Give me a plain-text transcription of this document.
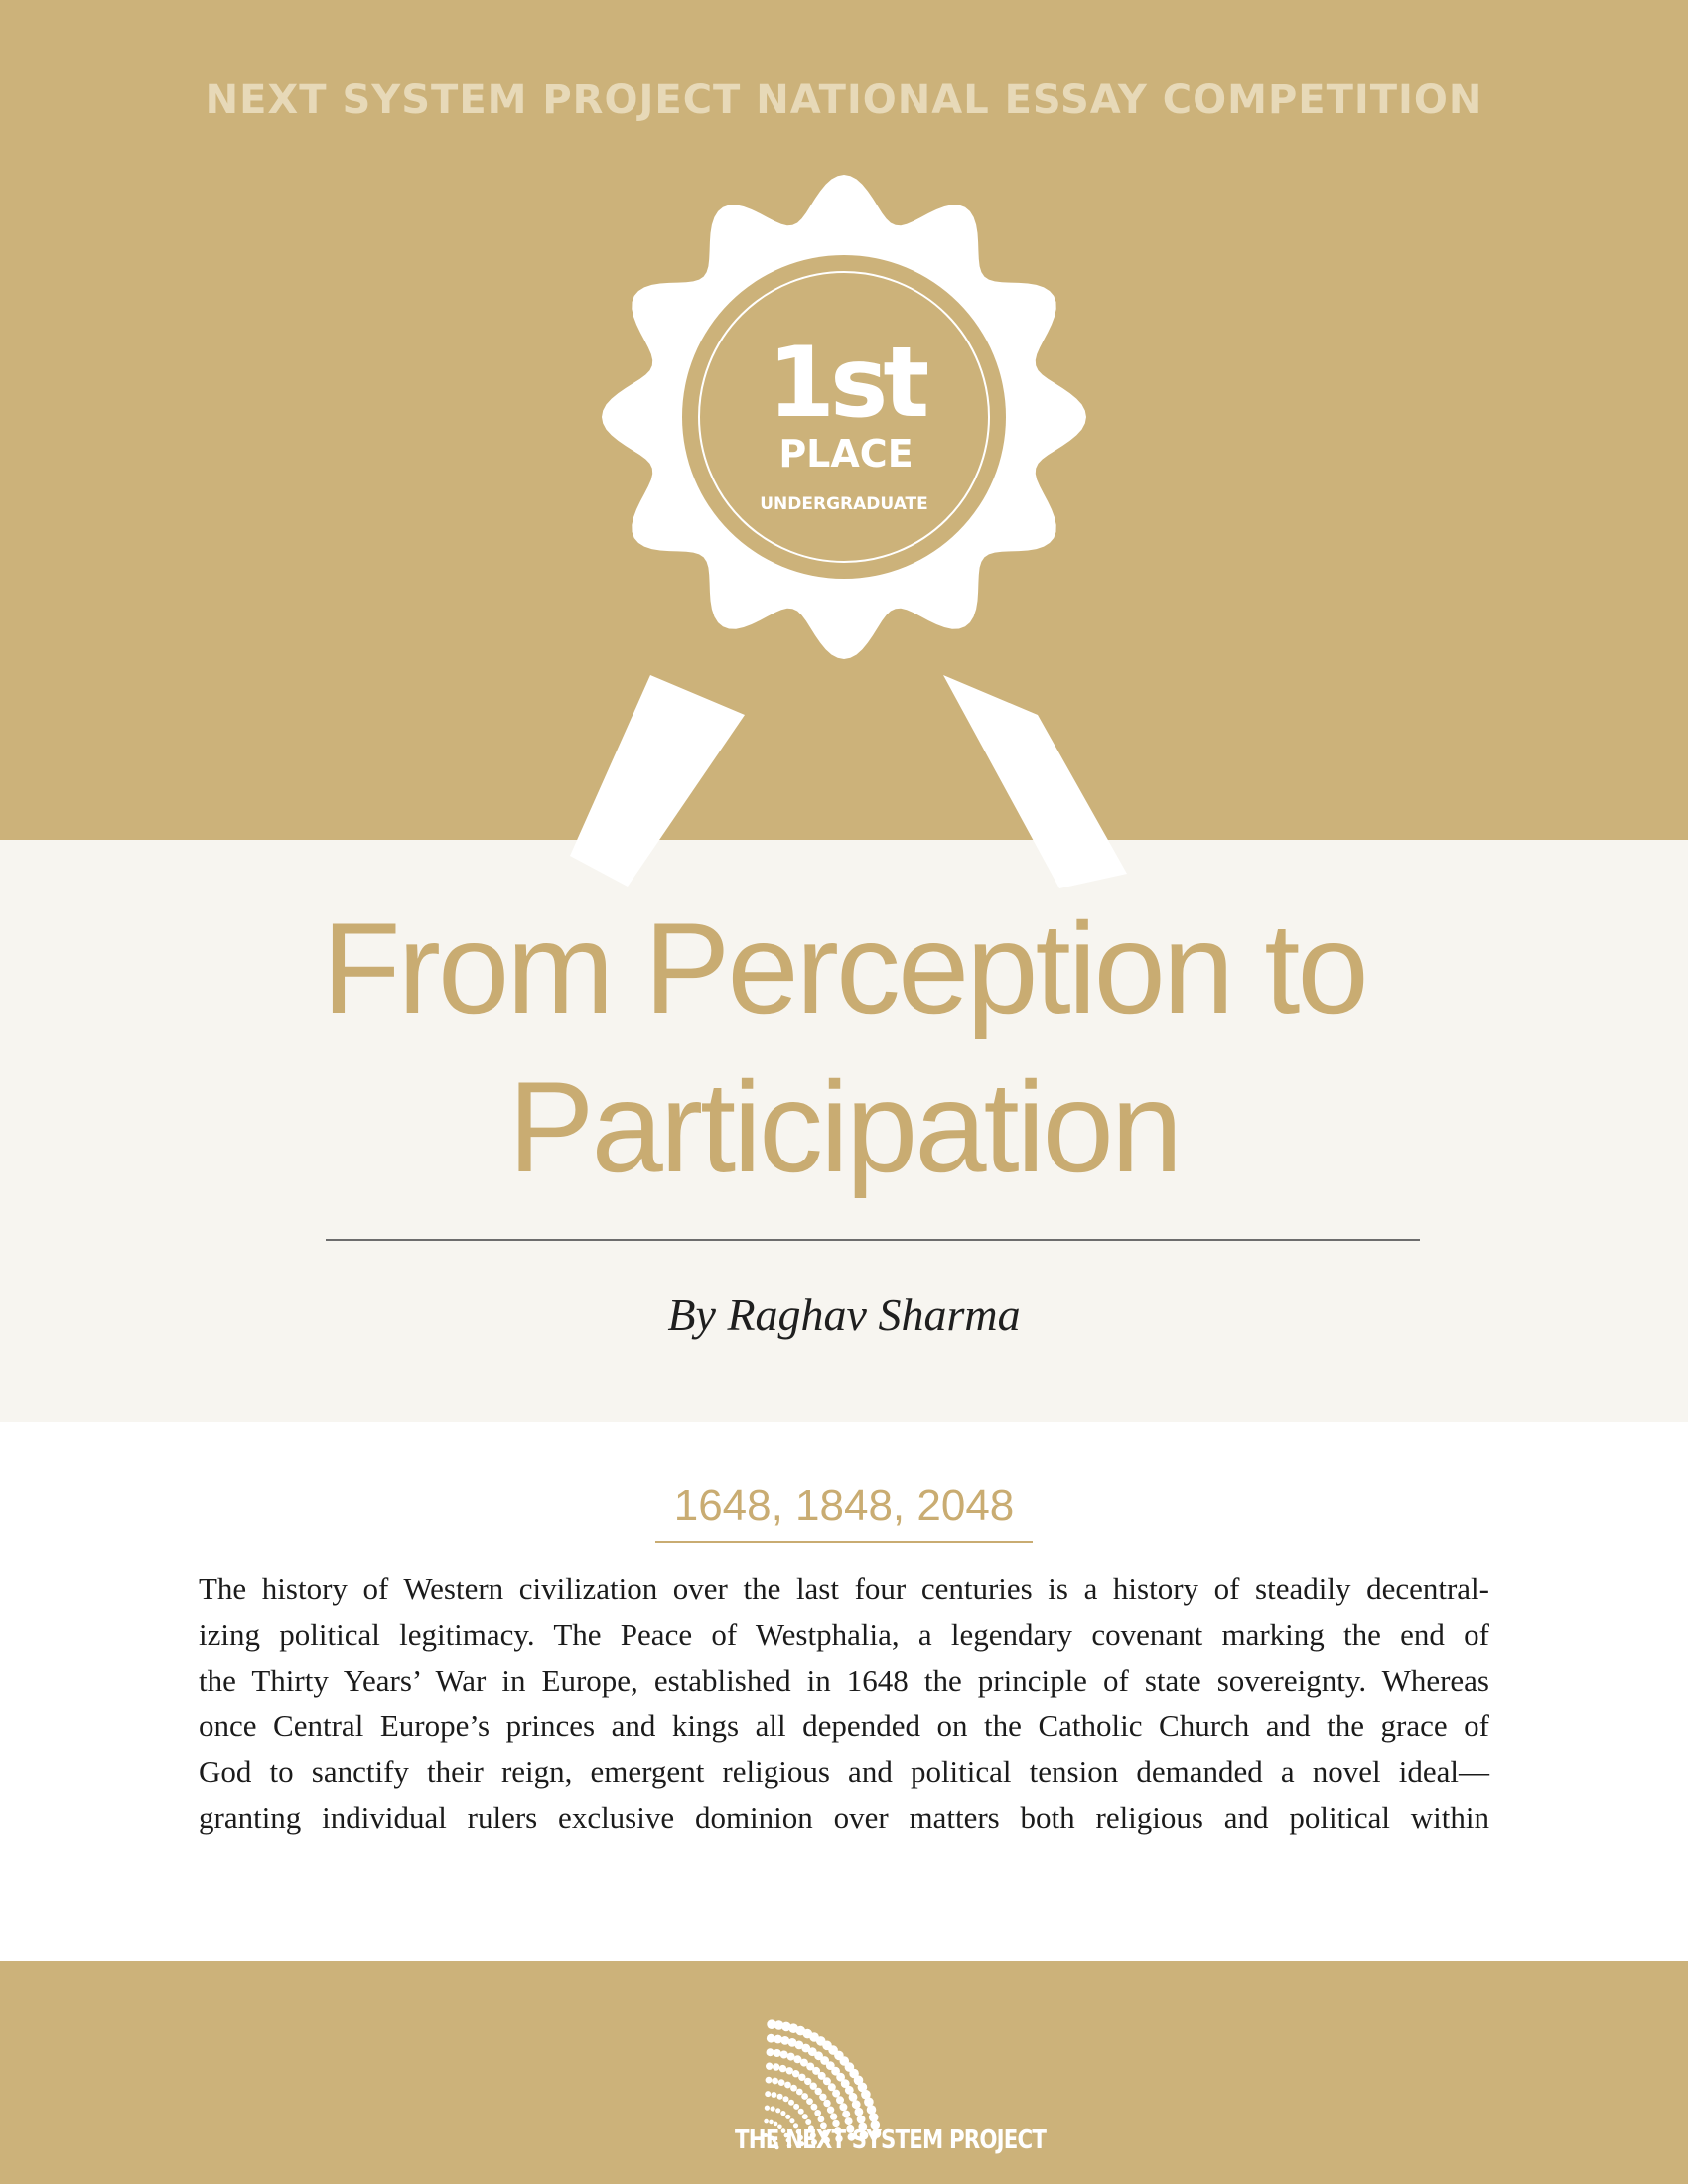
NEXT SYSTEM PROJECT NATIONAL ESSAY COMPETITION
1st
PLACE
UNDERGRADUATE
From Perception to
Participation
By Raghav Sharma
1648, 1848, 2048
The history of Western civilization over the last four centuries is a history of steadily decentral-
izing political legitimacy. The Peace of Westphalia, a legendary covenant marking the end of
the Thirty Years’ War in Europe, established in 1648 the principle of state sovereignty. Whereas
once Central Europe’s princes and kings all depended on the Catholic Church and the grace of
God to sanctify their reign, emergent religious and political tension demanded a novel ideal—
granting individual rulers exclusive dominion over matters both religious and political within
THE NEXT SYSTEM PROJECT
